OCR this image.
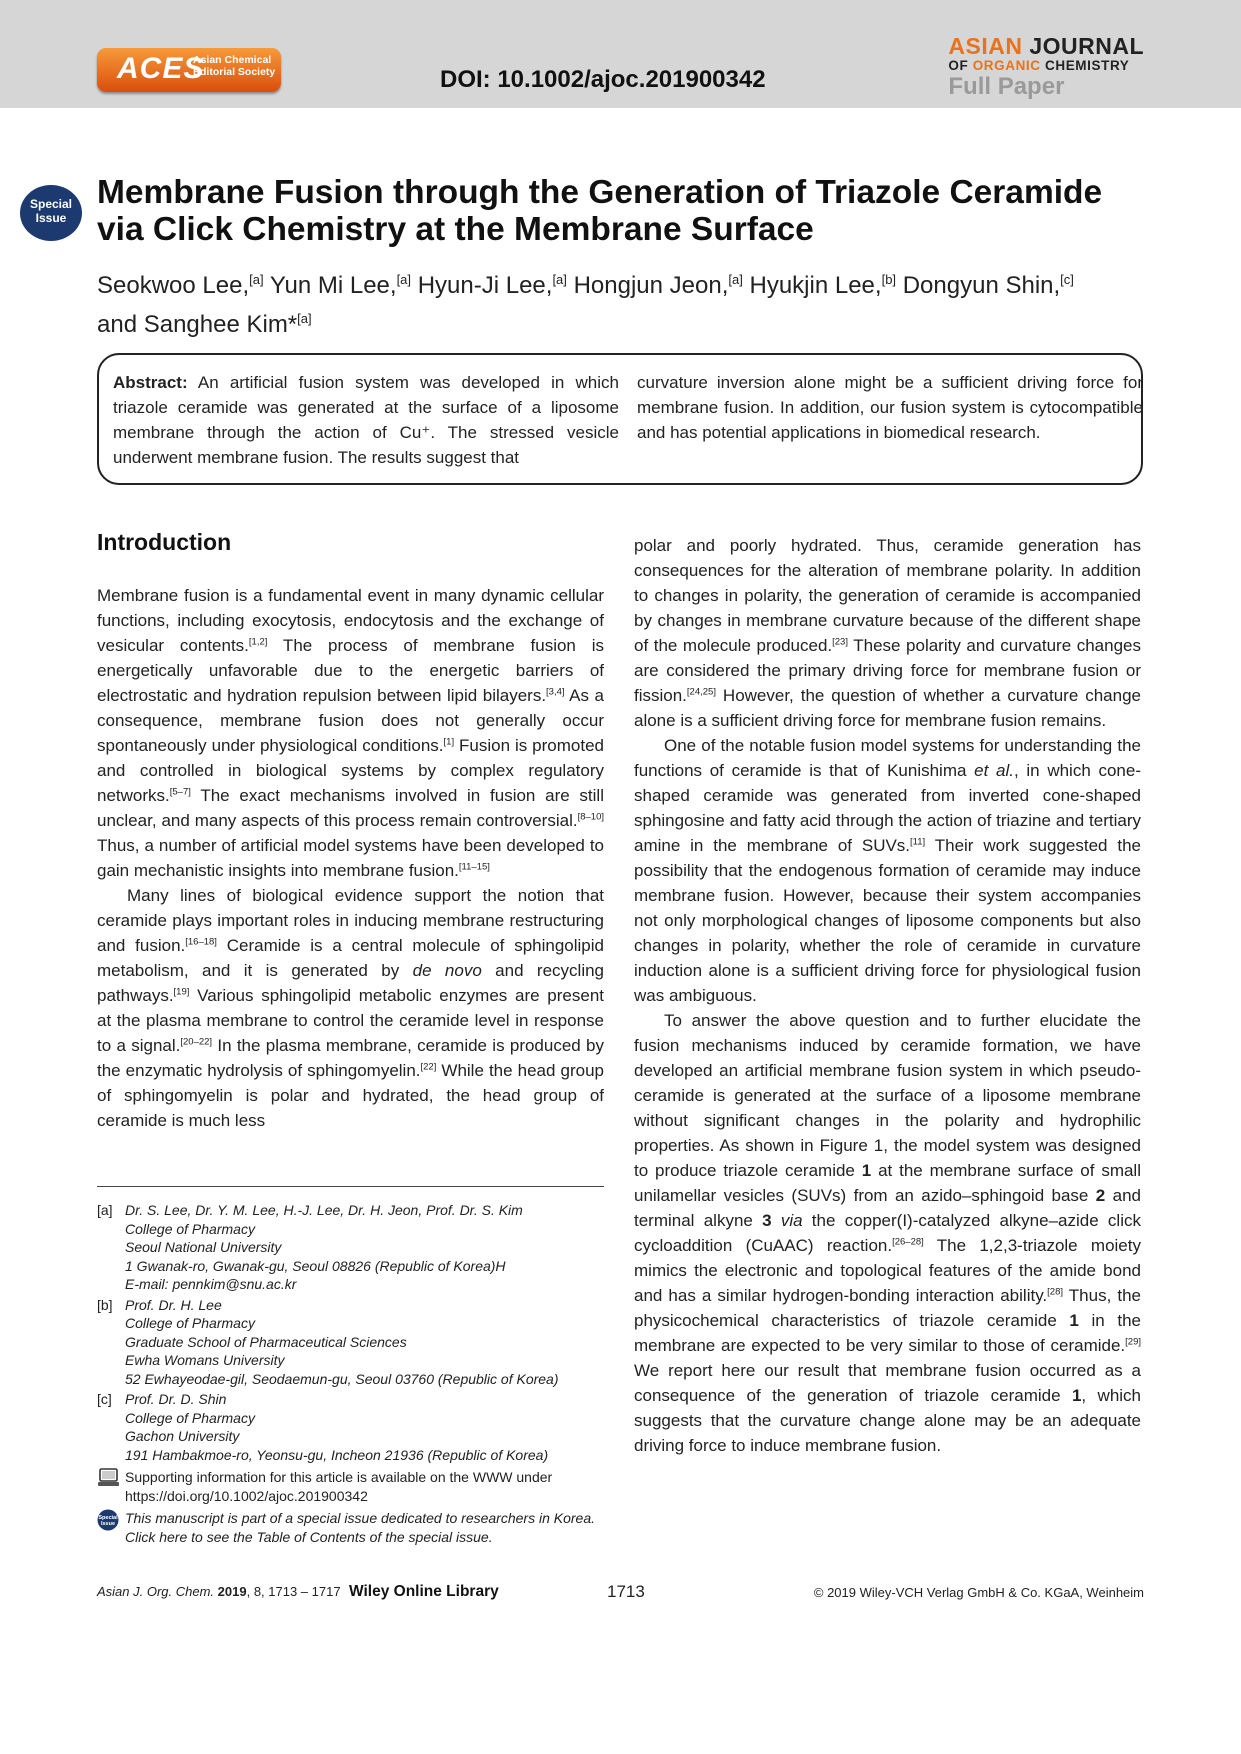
ACES
Asian Chemical
Editorial Society	DOI: 10.1002/ajoc.201900342
ASIAN JOURNAL
OF ORGANIC CHEMISTRY
Full Paper
Special
Issue
Membrane Fusion through the Generation of Triazole Ceramide via Click Chemistry at the Membrane Surface
Seokwoo Lee,[a] Yun Mi Lee,[a] Hyun-Ji Lee,[a] Hongjun Jeon,[a] Hyukjin Lee,[b] Dongyun Shin,[c]
and Sanghee Kim*[a]
Abstract: An artificial fusion system was developed in which triazole ceramide was generated at the surface of a liposome membrane through the action of Cu⁺. The stressed vesicle underwent membrane fusion. The results suggest that
curvature inversion alone might be a sufficient driving force for membrane fusion. In addition, our fusion system is cytocompatible and has potential applications in biomedical research.
Introduction

Membrane fusion is a fundamental event in many dynamic cellular functions, including exocytosis, endocytosis and the exchange of vesicular contents.[1,2] The process of membrane fusion is energetically unfavorable due to the energetic barriers of electrostatic and hydration repulsion between lipid bilayers.[3,4] As a consequence, membrane fusion does not generally occur spontaneously under physiological conditions.[1] Fusion is promoted and controlled in biological systems by complex regulatory networks.[5–7] The exact mechanisms involved in fusion are still unclear, and many aspects of this process remain controversial.[8–10] Thus, a number of artificial model systems have been developed to gain mechanistic insights into membrane fusion.[11–15]

Many lines of biological evidence support the notion that ceramide plays important roles in inducing membrane restructuring and fusion.[16–18] Ceramide is a central molecule of sphingolipid metabolism, and it is generated by de novo and recycling pathways.[19] Various sphingolipid metabolic enzymes are present at the plasma membrane to control the ceramide level in response to a signal.[20–22] In the plasma membrane, ceramide is produced by the enzymatic hydrolysis of sphingomyelin.[22] While the head group of sphingomyelin is polar and hydrated, the head group of ceramide is much less

polar and poorly hydrated. Thus, ceramide generation has consequences for the alteration of membrane polarity. In addition to changes in polarity, the generation of ceramide is accompanied by changes in membrane curvature because of the different shape of the molecule produced.[23] These polarity and curvature changes are considered the primary driving force for membrane fusion or fission.[24,25] However, the question of whether a curvature change alone is a sufficient driving force for membrane fusion remains.

One of the notable fusion model systems for understanding the functions of ceramide is that of Kunishima et al., in which cone-shaped ceramide was generated from inverted cone-shaped sphingosine and fatty acid through the action of triazine and tertiary amine in the membrane of SUVs.[11] Their work suggested the possibility that the endogenous formation of ceramide may induce membrane fusion. However, because their system accompanies not only morphological changes of liposome components but also changes in polarity, whether the role of ceramide in curvature induction alone is a sufficient driving force for physiological fusion was ambiguous.

To answer the above question and to further elucidate the fusion mechanisms induced by ceramide formation, we have developed an artificial membrane fusion system in which pseudo-ceramide is generated at the surface of a liposome membrane without significant changes in the polarity and hydrophilic properties. As shown in Figure 1, the model system was designed to produce triazole ceramide 1 at the membrane surface of small unilamellar vesicles (SUVs) from an azido–sphingoid base 2 and terminal alkyne 3 via the copper(I)-catalyzed alkyne–azide click cycloaddition (CuAAC) reaction.[26–28] The 1,2,3-triazole moiety mimics the electronic and topological features of the amide bond and has a similar hydrogen-bonding interaction ability.[28] Thus, the physicochemical characteristics of triazole ceramide 1 in the membrane are expected to be very similar to those of ceramide.[29] We report here our result that membrane fusion occurred as a consequence of the generation of triazole ceramide 1, which suggests that the curvature change alone may be an adequate driving force to induce membrane fusion.

[a] Dr. S. Lee, Dr. Y. M. Lee, H.-J. Lee, Dr. H. Jeon, Prof. Dr. S. Kim
College of Pharmacy
Seoul National University
1 Gwanak-ro, Gwanak-gu, Seoul 08826 (Republic of Korea)H
E-mail: pennkim@snu.ac.kr
[b] Prof. Dr. H. Lee
College of Pharmacy
Graduate School of Pharmaceutical Sciences
Ewha Womans University
52 Ewhayeodae-gil, Seodaemun-gu, Seoul 03760 (Republic of Korea)
[c] Prof. Dr. D. Shin
College of Pharmacy
Gachon University
191 Hambakmoe-ro, Yeonsu-gu, Incheon 21936 (Republic of Korea)
Supporting information for this article is available on the WWW under https://doi.org/10.1002/ajoc.201900342
Special
Issue This manuscript is part of a special issue dedicated to researchers in Korea. Click here to see the Table of Contents of the special issue.
Asian J. Org. Chem. 2019, 8, 1713 – 1717 Wiley Online Library	1713	© 2019 Wiley-VCH Verlag GmbH & Co. KGaA, Weinheim
